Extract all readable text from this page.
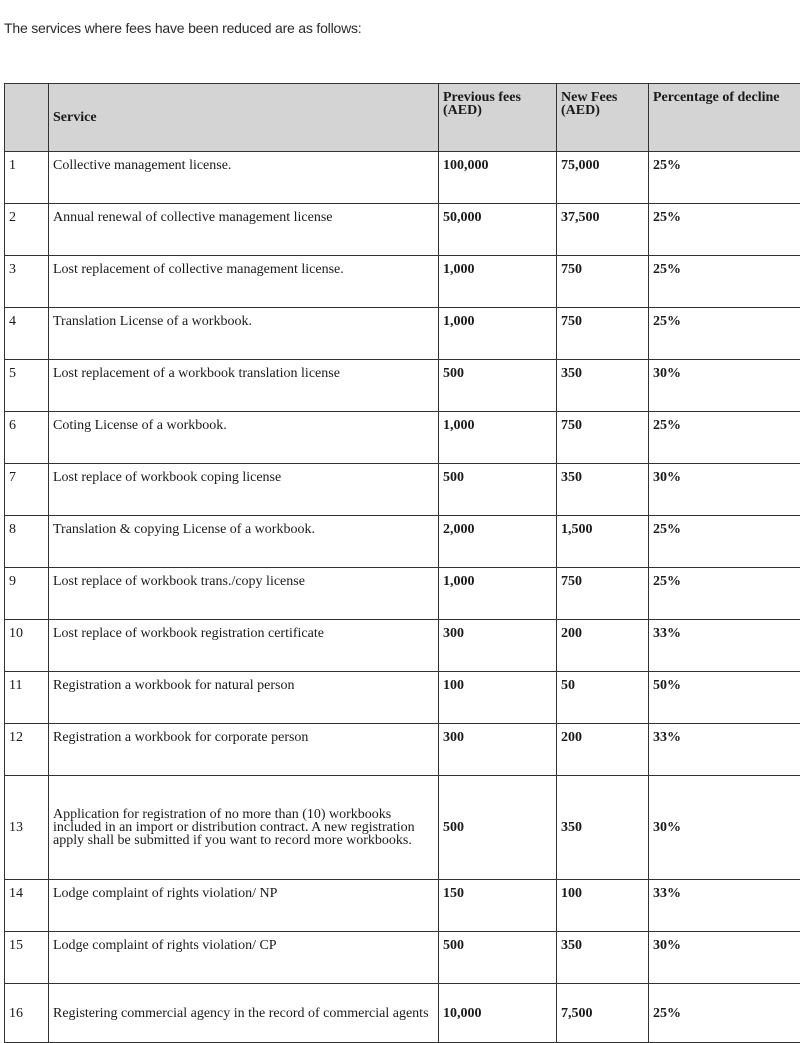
The services where fees have been reduced are as follows:
	Service	Previous fees (AED)	New Fees (AED)	Percentage of decline
1	Collective management license.	100,000	75,000	25%
2	Annual renewal of collective management license	50,000	37,500	25%
3	Lost replacement of collective management license.	1,000	750	25%
4	Translation License of a workbook.	1,000	750	25%
5	Lost replacement of a workbook translation license	500	350	30%
6	Coting License of a workbook.	1,000	750	25%
7	Lost replace of workbook coping license	500	350	30%
8	Translation & copying License of a workbook.	2,000	1,500	25%
9	Lost replace of workbook trans./copy license	1,000	750	25%
10	Lost replace of workbook registration certificate	300	200	33%
11	Registration a workbook for natural person	100	50	50%
12	Registration a workbook for corporate person	300	200	33%
13	Application for registration of no more than (10) workbooks included in an import or distribution contract. A new registration apply shall be submitted if you want to record more workbooks.	500	350	30%
14	Lodge complaint of rights violation/ NP	150	100	33%
15	Lodge complaint of rights violation/ CP	500	350	30%
16	Registering commercial agency in the record of commercial agents	10,000	7,500	25%
